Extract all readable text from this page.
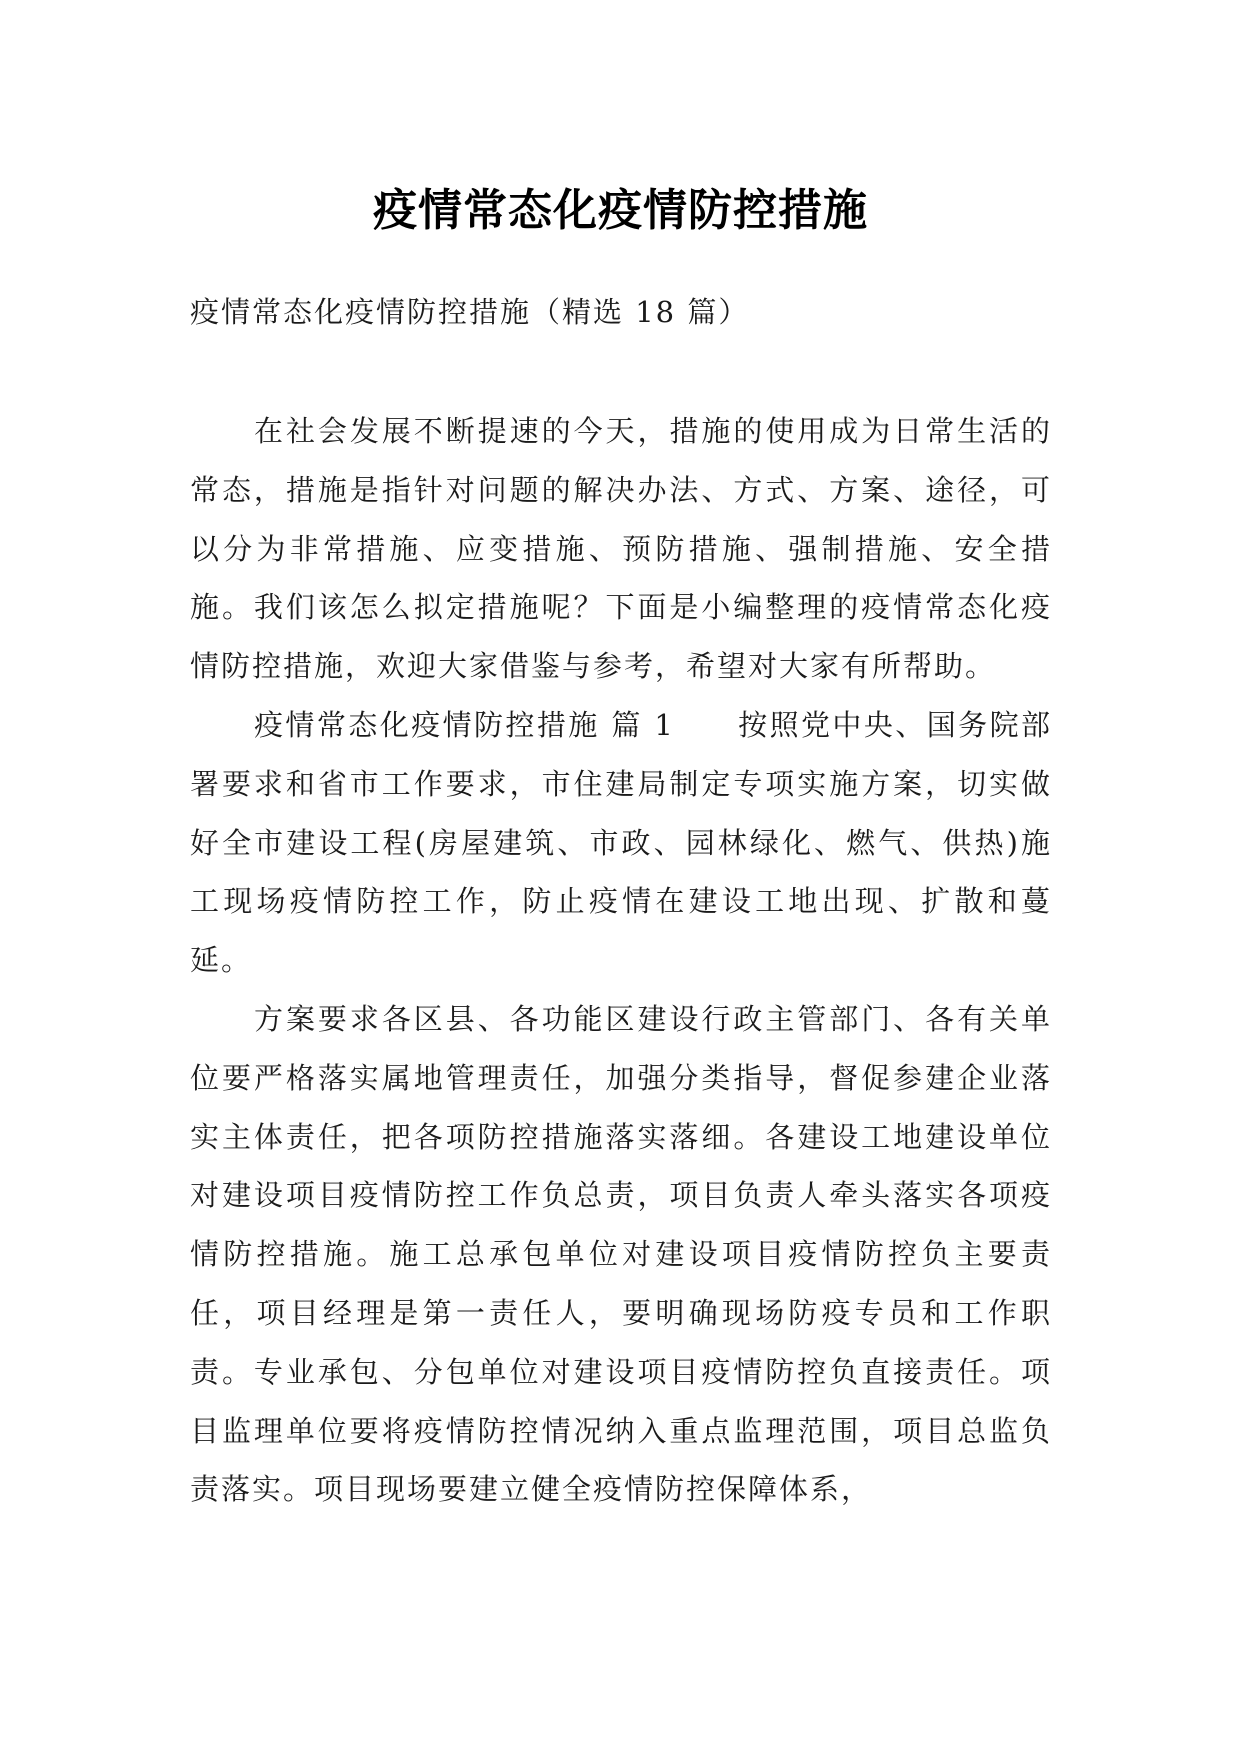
疫情常态化疫情防控措施
疫情常态化疫情防控措施（精选 18 篇）

在社会发展不断提速的今天，措施的使用成为日常生活的常态，措施是指针对问题的解决办法、方式、方案、途径，可以分为非常措施、应变措施、预防措施、强制措施、安全措施。我们该怎么拟定措施呢？下面是小编整理的疫情常态化疫情防控措施，欢迎大家借鉴与参考，希望对大家有所帮助。

疫情常态化疫情防控措施 篇 1　　按照党中央、国务院部署要求和省市工作要求，市住建局制定专项实施方案，切实做好全市建设工程(房屋建筑、市政、园林绿化、燃气、供热)施工现场疫情防控工作，防止疫情在建设工地出现、扩散和蔓延。

方案要求各区县、各功能区建设行政主管部门、各有关单位要严格落实属地管理责任，加强分类指导，督促参建企业落实主体责任，把各项防控措施落实落细。各建设工地建设单位对建设项目疫情防控工作负总责，项目负责人牵头落实各项疫情防控措施。施工总承包单位对建设项目疫情防控负主要责任，项目经理是第一责任人，要明确现场防疫专员和工作职责。专业承包、分包单位对建设项目疫情防控负直接责任。项目监理单位要将疫情防控情况纳入重点监理范围，项目总监负责落实。项目现场要建立健全疫情防控保障体系，
